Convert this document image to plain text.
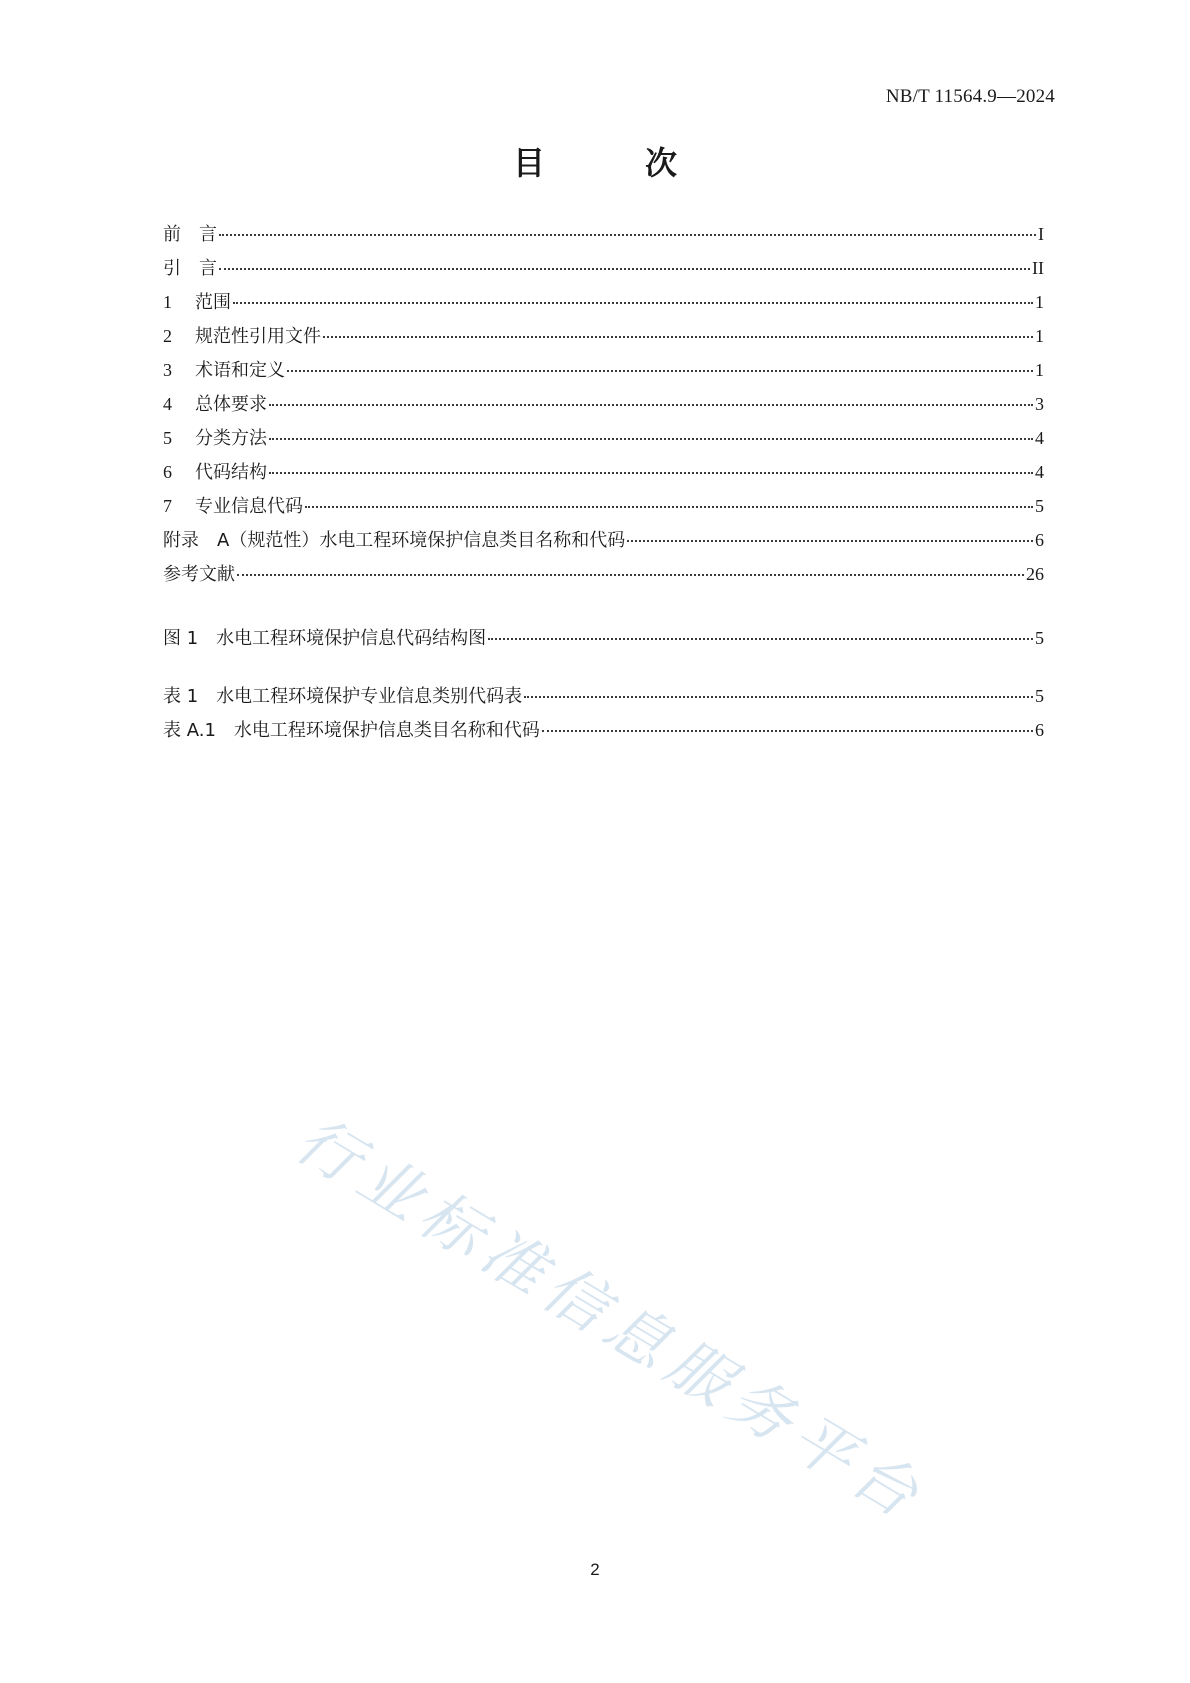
NB/T 11564.9—2024
目　次
前　言	I
引　言	II
1 范围	1
2 规范性引用文件	1
3 术语和定义	1
4 总体要求	3
5 分类方法	4
6 代码结构	4
7 专业信息代码	5
附录　A（规范性）水电工程环境保护信息类目名称和代码	6
参考文献	26
图 1　水电工程环境保护信息代码结构图	5
表 1　水电工程环境保护专业信息类别代码表	5
表 A.1　水电工程环境保护信息类目名称和代码	6
行业标准信息服务平台
2
